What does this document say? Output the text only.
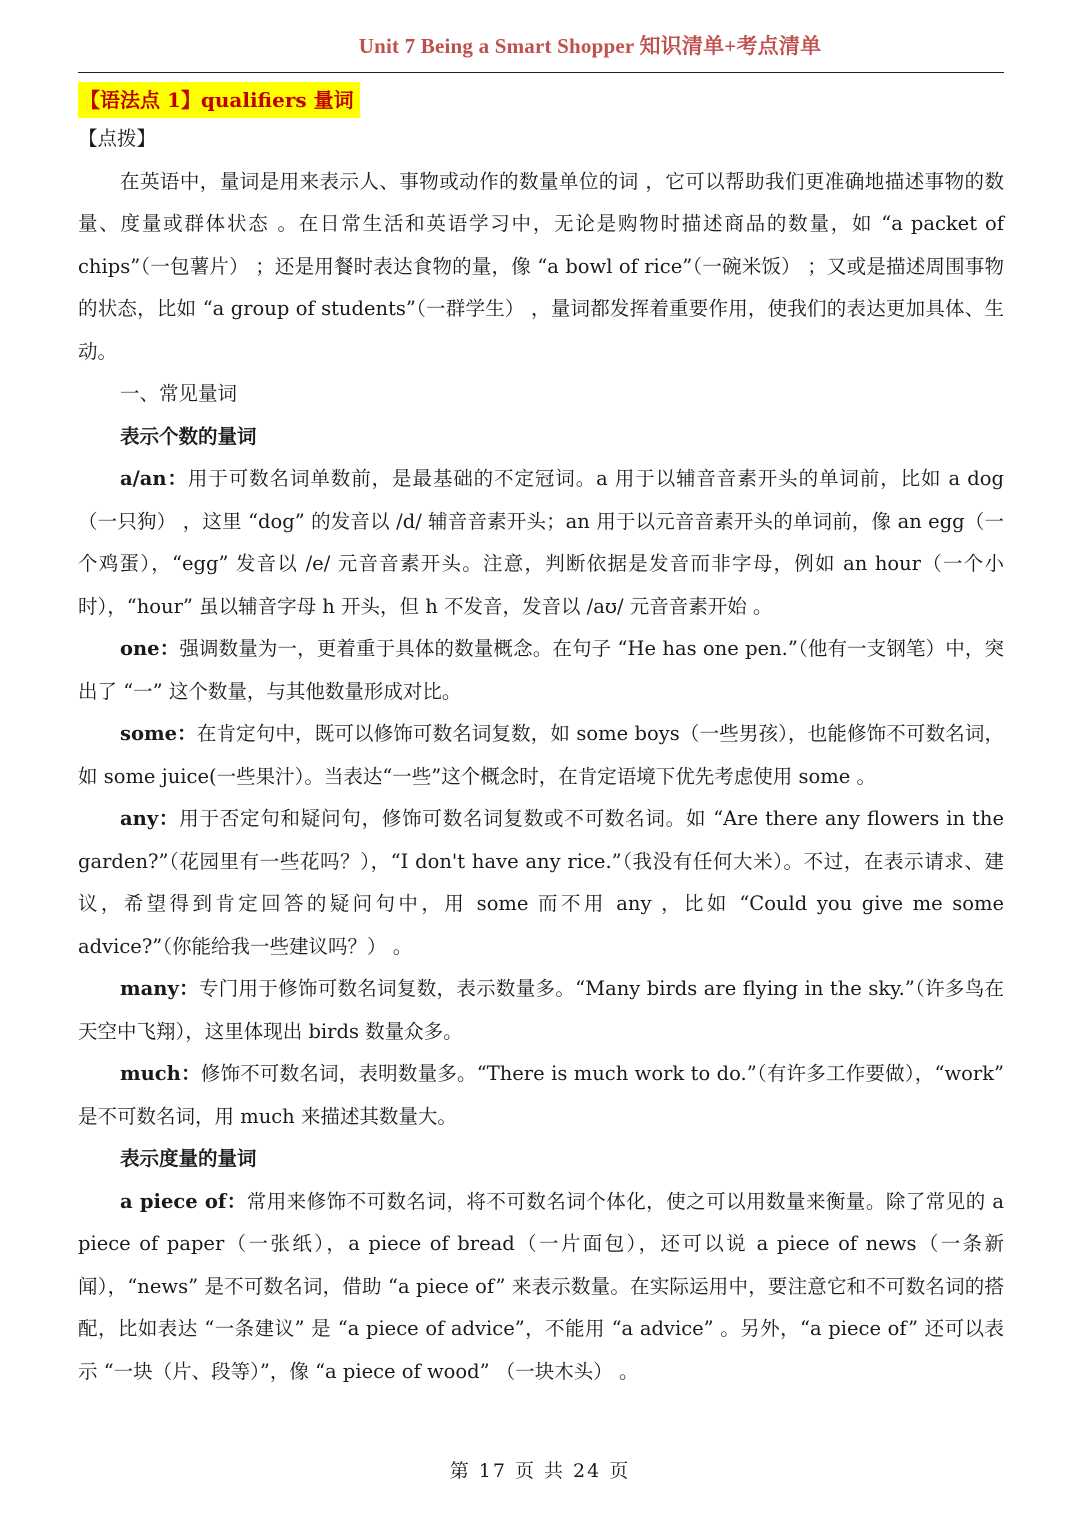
Unit 7 Being a Smart Shopper 知识清单+考点清单
【语法点 1】qualifiers 量词

【点拨】

在英语中，量词是用来表示人、事物或动作的数量单位的词 ，它可以帮助我们更准确地描述事物的数量、度量或群体状态 。在日常生活和英语学习中，无论是购物时描述商品的数量，如 “a packet of chips”（一包薯片） ；还是用餐时表达食物的量，像 “a bowl of rice”（一碗米饭） ；又或是描述周围事物的状态，比如 “a group of students”（一群学生） ，量词都发挥着重要作用，使我们的表达更加具体、生动。

一、常见量词

表示个数的量词

a/an：用于可数名词单数前，是最基础的不定冠词。a 用于以辅音音素开头的单词前，比如 a dog（一只狗） ，这里 “dog” 的发音以 /d/ 辅音音素开头；an 用于以元音音素开头的单词前，像 an egg（一个鸡蛋），“egg” 发音以 /e/ 元音音素开头。注意，判断依据是发音而非字母，例如 an hour（一个小时），“hour” 虽以辅音字母 h 开头，但 h 不发音，发音以 /aʊ/ 元音音素开始 。

one：强调数量为一，更着重于具体的数量概念。在句子 “He has one pen.”（他有一支钢笔）中，突出了 “一” 这个数量，与其他数量形成对比。

some：在肯定句中，既可以修饰可数名词复数，如 some boys（一些男孩），也能修饰不可数名词，如 some juice(一些果汁）。当表达“一些”这个概念时，在肯定语境下优先考虑使用 some 。

any：用于否定句和疑问句，修饰可数名词复数或不可数名词。如 “Are there any flowers in the garden?”（花园里有一些花吗？），“I don't have any rice.”（我没有任何大米）。不过，在表示请求、建议，希望得到肯定回答的疑问句中，用 some 而不用 any ，比如 “Could you give me some advice?”（你能给我一些建议吗？） 。

many：专门用于修饰可数名词复数，表示数量多。“Many birds are flying in the sky.”（许多鸟在天空中飞翔），这里体现出 birds 数量众多。

much：修饰不可数名词，表明数量多。“There is much work to do.”（有许多工作要做），“work” 是不可数名词，用 much 来描述其数量大。

表示度量的量词

a piece of：常用来修饰不可数名词，将不可数名词个体化，使之可以用数量来衡量。除了常见的 a piece of paper（一张纸），a piece of bread（一片面包），还可以说 a piece of news（一条新闻），“news” 是不可数名词，借助 “a piece of” 来表示数量。在实际运用中，要注意它和不可数名词的搭配，比如表达 “一条建议” 是 “a piece of advice”，不能用 “a advice” 。另外，“a piece of” 还可以表示 “一块（片、段等）”，像 “a piece of wood” （一块木头） 。

第 17 页 共 24 页
